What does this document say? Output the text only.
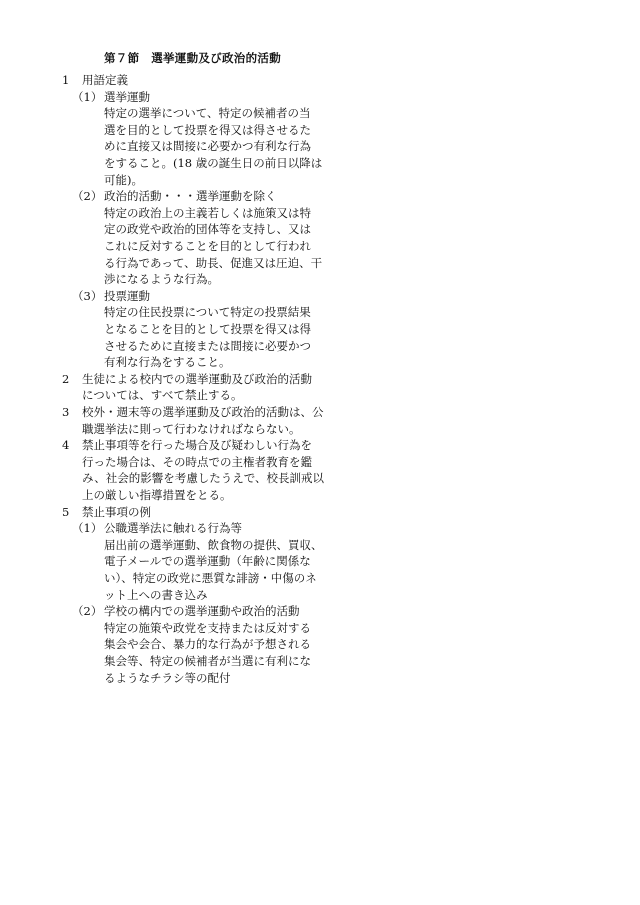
第７節　選挙運動及び政治的活動
1 用語定義
（1） 選挙運動
特定の選挙について、特定の候補者の当
選を目的として投票を得又は得させるた
めに直接又は間接に必要かつ有利な行為
をすること。(18 歳の誕生日の前日以降は
可能)。
（2） 政治的活動・・・選挙運動を除く
特定の政治上の主義若しくは施策又は特
定の政党や政治的団体等を支持し、又は
これに反対することを目的として行われ
る行為であって、助長、促進又は圧迫、干
渉になるような行為。
（3） 投票運動
特定の住民投票について特定の投票結果
となることを目的として投票を得又は得
させるために直接または間接に必要かつ
有利な行為をすること。
2 生徒による校内での選挙運動及び政治的活動
については、すべて禁止する。
3 校外・週末等の選挙運動及び政治的活動は、公
職選挙法に則って行わなければならない。
4 禁止事項等を行った場合及び疑わしい行為を
行った場合は、その時点での主権者教育を鑑
み、社会的影響を考慮したうえで、校長訓戒以
上の厳しい指導措置をとる。
5 禁止事項の例
（1） 公職選挙法に触れる行為等
届出前の選挙運動、飲食物の提供、買収、
電子メールでの選挙運動（年齢に関係な
い）、特定の政党に悪質な誹謗・中傷のネ
ット上への書き込み
（2） 学校の構内での選挙運動や政治的活動
特定の施策や政党を支持または反対する
集会や会合、暴力的な行為が予想される
集会等、特定の候補者が当選に有利にな
るようなチラシ等の配付
